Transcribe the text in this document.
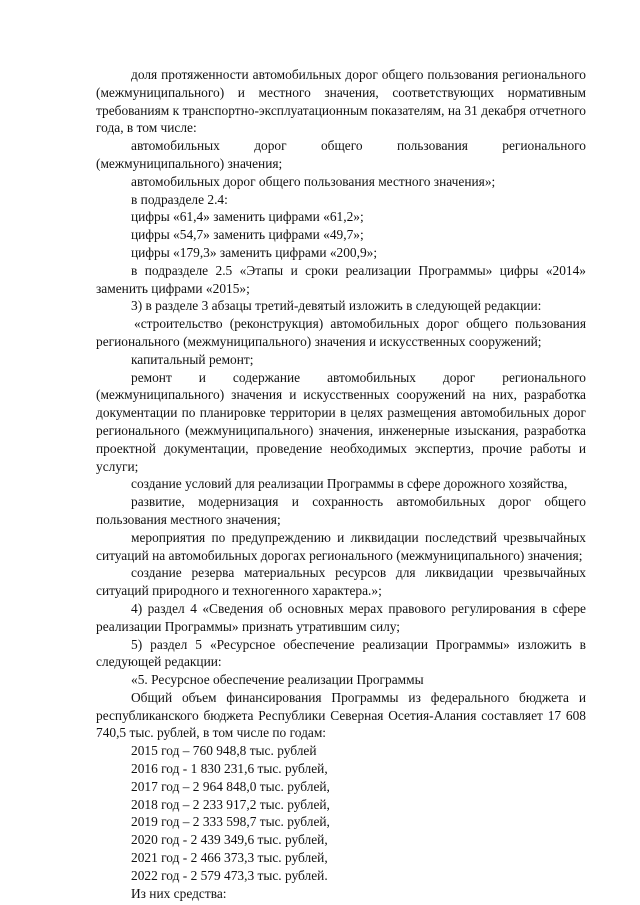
доля протяженности автомобильных дорог общего пользования регионального (межмуниципального) и местного значения, соответствующих нормативным требованиям к транспортно-эксплуатационным показателям, на 31 декабря отчетного года, в том числе:

автомобильных дорог общего пользования регионального (межмуниципального) значения;

автомобильных дорог общего пользования местного значения»;

в подразделе 2.4:

цифры «61,4» заменить цифрами «61,2»;

цифры «54,7» заменить цифрами «49,7»;

цифры «179,3» заменить цифрами «200,9»;

в подразделе 2.5 «Этапы и сроки реализации Программы» цифры «2014» заменить цифрами «2015»;

3) в разделе 3 абзацы третий-девятый изложить в следующей редакции:

«строительство (реконструкция) автомобильных дорог общего пользования регионального (межмуниципального) значения и искусственных сооружений;

капитальный ремонт;

ремонт и содержание автомобильных дорог регионального (межмуниципального) значения и искусственных сооружений на них, разработка документации по планировке территории в целях размещения автомобильных дорог регионального (межмуниципального) значения, инженерные изыскания, разработка проектной документации, проведение необходимых экспертиз, прочие работы и услуги;

создание условий для реализации Программы в сфере дорожного хозяйства,

развитие, модернизация и сохранность автомобильных дорог общего пользования местного значения;

мероприятия по предупреждению и ликвидации последствий чрезвычайных ситуаций на автомобильных дорогах регионального (межмуниципального) значения;

создание резерва материальных ресурсов для ликвидации чрезвычайных ситуаций природного и техногенного характера.»;

4) раздел 4 «Сведения об основных мерах правового регулирования в сфере реализации Программы» признать утратившим силу;

5) раздел 5 «Ресурсное обеспечение реализации Программы» изложить в следующей редакции:

«5. Ресурсное обеспечение реализации Программы

Общий объем финансирования Программы из федерального бюджета и республиканского бюджета Республики Северная Осетия-Алания составляет 17 608 740,5 тыс. рублей, в том числе по годам:

2015 год – 760 948,8 тыс. рублей
2016 год - 1 830 231,6 тыс. рублей,
2017 год – 2 964 848,0 тыс. рублей,
2018 год – 2 233 917,2 тыс. рублей,
2019 год – 2 333 598,7 тыс. рублей,
2020 год - 2 439 349,6 тыс. рублей,
2021 год - 2 466 373,3 тыс. рублей,
2022 год - 2 579 473,3 тыс. рублей.

Из них средства:
